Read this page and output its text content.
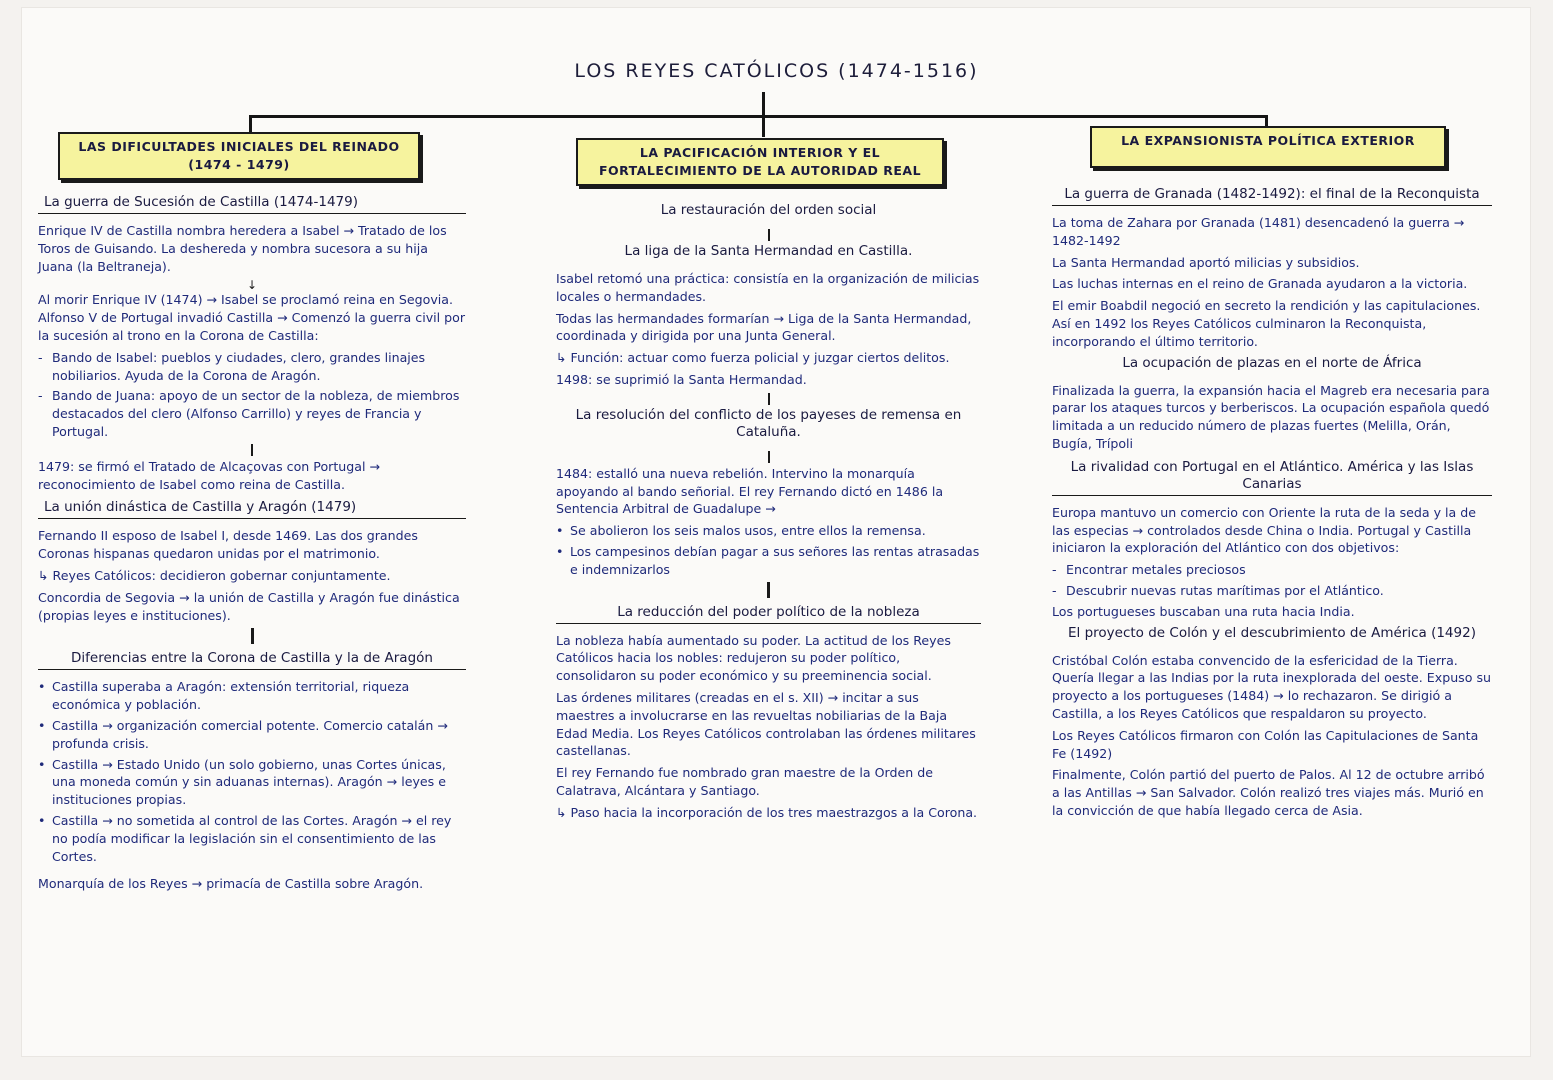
LOS REYES CATÓLICOS (1474-1516)
LAS DIFICULTADES INICIALES DEL REINADO (1474 - 1479)
LA PACIFICACIÓN INTERIOR Y EL FORTALECIMIENTO DE LA AUTORIDAD REAL
LA EXPANSIONISTA POLÍTICA EXTERIOR
La guerra de Sucesión de Castilla (1474-1479)
Enrique IV de Castilla nombra heredera a Isabel → Tratado de los Toros de Guisando. La deshereda y nombra sucesora a su hija Juana (la Beltraneja).
↓
Al morir Enrique IV (1474) → Isabel se proclamó reina en Segovia. Alfonso V de Portugal invadió Castilla → Comenzó la guerra civil por la sucesión al trono en la Corona de Castilla:
- Bando de Isabel: pueblos y ciudades, clero, grandes linajes nobiliarios. Ayuda de la Corona de Aragón.
- Bando de Juana: apoyo de un sector de la nobleza, de miembros destacados del clero (Alfonso Carrillo) y reyes de Francia y Portugal.
1479: se firmó el Tratado de Alcaçovas con Portugal → reconocimiento de Isabel como reina de Castilla.
La unión dinástica de Castilla y Aragón (1479)
Fernando II esposo de Isabel I, desde 1469. Las dos grandes Coronas hispanas quedaron unidas por el matrimonio.
↳ Reyes Católicos: decidieron gobernar conjuntamente.
Concordia de Segovia → la unión de Castilla y Aragón fue dinástica (propias leyes e instituciones).
Diferencias entre la Corona de Castilla y la de Aragón
• Castilla superaba a Aragón: extensión territorial, riqueza económica y población.
• Castilla → organización comercial potente. Comercio catalán → profunda crisis.
• Castilla → Estado Unido (un solo gobierno, unas Cortes únicas, una moneda común y sin aduanas internas). Aragón → leyes e instituciones propias.
• Castilla → no sometida al control de las Cortes. Aragón → el rey no podía modificar la legislación sin el consentimiento de las Cortes.
Monarquía de los Reyes → primacía de Castilla sobre Aragón.
La restauración del orden social
La liga de la Santa Hermandad en Castilla.
Isabel retomó una práctica: consistía en la organización de milicias locales o hermandades.
Todas las hermandades formarían → Liga de la Santa Hermandad, coordinada y dirigida por una Junta General.
↳ Función: actuar como fuerza policial y juzgar ciertos delitos.
1498: se suprimió la Santa Hermandad.
La resolución del conflicto de los payeses de remensa en Cataluña.
1484: estalló una nueva rebelión. Intervino la monarquía apoyando al bando señorial. El rey Fernando dictó en 1486 la Sentencia Arbitral de Guadalupe →
• Se abolieron los seis malos usos, entre ellos la remensa.
• Los campesinos debían pagar a sus señores las rentas atrasadas e indemnizarlos
La reducción del poder político de la nobleza
La nobleza había aumentado su poder. La actitud de los Reyes Católicos hacia los nobles: redujeron su poder político, consolidaron su poder económico y su preeminencia social.
Las órdenes militares (creadas en el s. XII) → incitar a sus maestres a involucrarse en las revueltas nobiliarias de la Baja Edad Media. Los Reyes Católicos controlaban las órdenes militares castellanas.
El rey Fernando fue nombrado gran maestre de la Orden de Calatrava, Alcántara y Santiago.
↳ Paso hacia la incorporación de los tres maestrazgos a la Corona.
La guerra de Granada (1482-1492): el final de la Reconquista
La toma de Zahara por Granada (1481) desencadenó la guerra → 1482-1492
La Santa Hermandad aportó milicias y subsidios.
Las luchas internas en el reino de Granada ayudaron a la victoria.
El emir Boabdil negoció en secreto la rendición y las capitulaciones. Así en 1492 los Reyes Católicos culminaron la Reconquista, incorporando el último territorio.
La ocupación de plazas en el norte de África
Finalizada la guerra, la expansión hacia el Magreb era necesaria para parar los ataques turcos y berberiscos. La ocupación española quedó limitada a un reducido número de plazas fuertes (Melilla, Orán, Bugía, Trípoli
La rivalidad con Portugal en el Atlántico. América y las Islas Canarias
Europa mantuvo un comercio con Oriente la ruta de la seda y la de las especias → controlados desde China o India. Portugal y Castilla iniciaron la exploración del Atlántico con dos objetivos:
- Encontrar metales preciosos
- Descubrir nuevas rutas marítimas por el Atlántico.
Los portugueses buscaban una ruta hacia India.
El proyecto de Colón y el descubrimiento de América (1492)
Cristóbal Colón estaba convencido de la esfericidad de la Tierra. Quería llegar a las Indias por la ruta inexplorada del oeste. Expuso su proyecto a los portugueses (1484) → lo rechazaron. Se dirigió a Castilla, a los Reyes Católicos que respaldaron su proyecto.
Los Reyes Católicos firmaron con Colón las Capitulaciones de Santa Fe (1492)
Finalmente, Colón partió del puerto de Palos. Al 12 de octubre arribó a las Antillas → San Salvador. Colón realizó tres viajes más. Murió en la convicción de que había llegado cerca de Asia.
